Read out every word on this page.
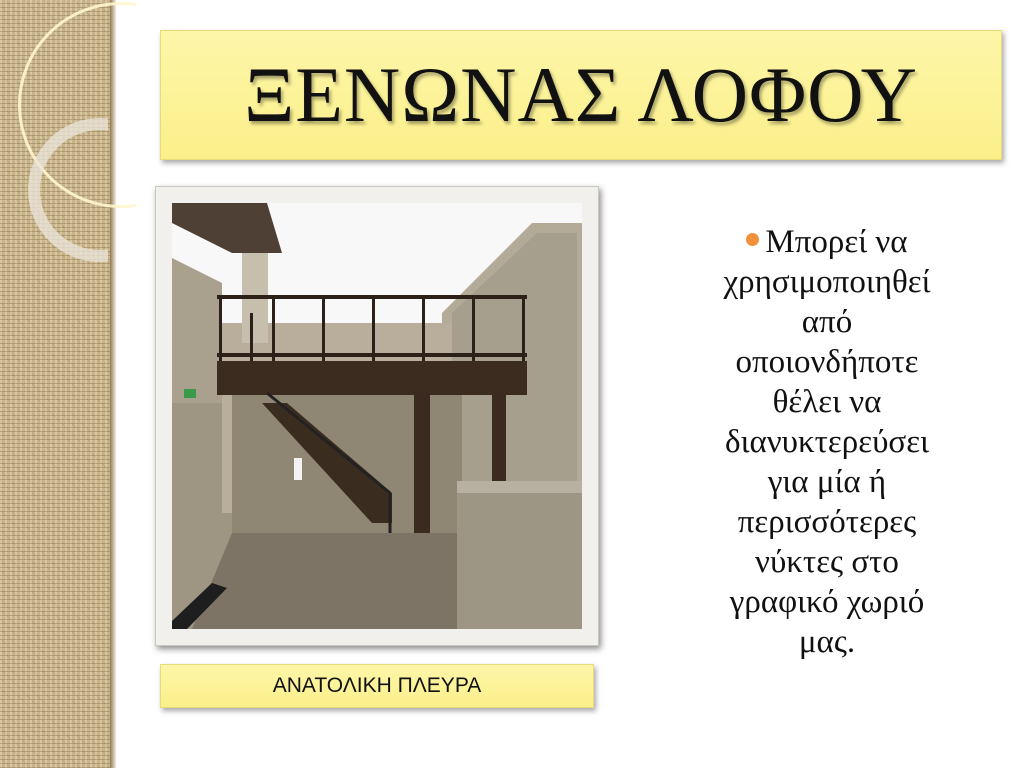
ΞΕΝΩΝΑΣ ΛΟΦΟΥ
ΑΝΑΤΟΛΙΚΗ ΠΛΕΥΡΑ
Μπορεί να
χρησιμοποιηθεί
από
οποιονδήποτε
θέλει να
διανυκτερεύσει
για μία ή
περισσότερες
νύκτες στο
γραφικό χωριό
μας.
